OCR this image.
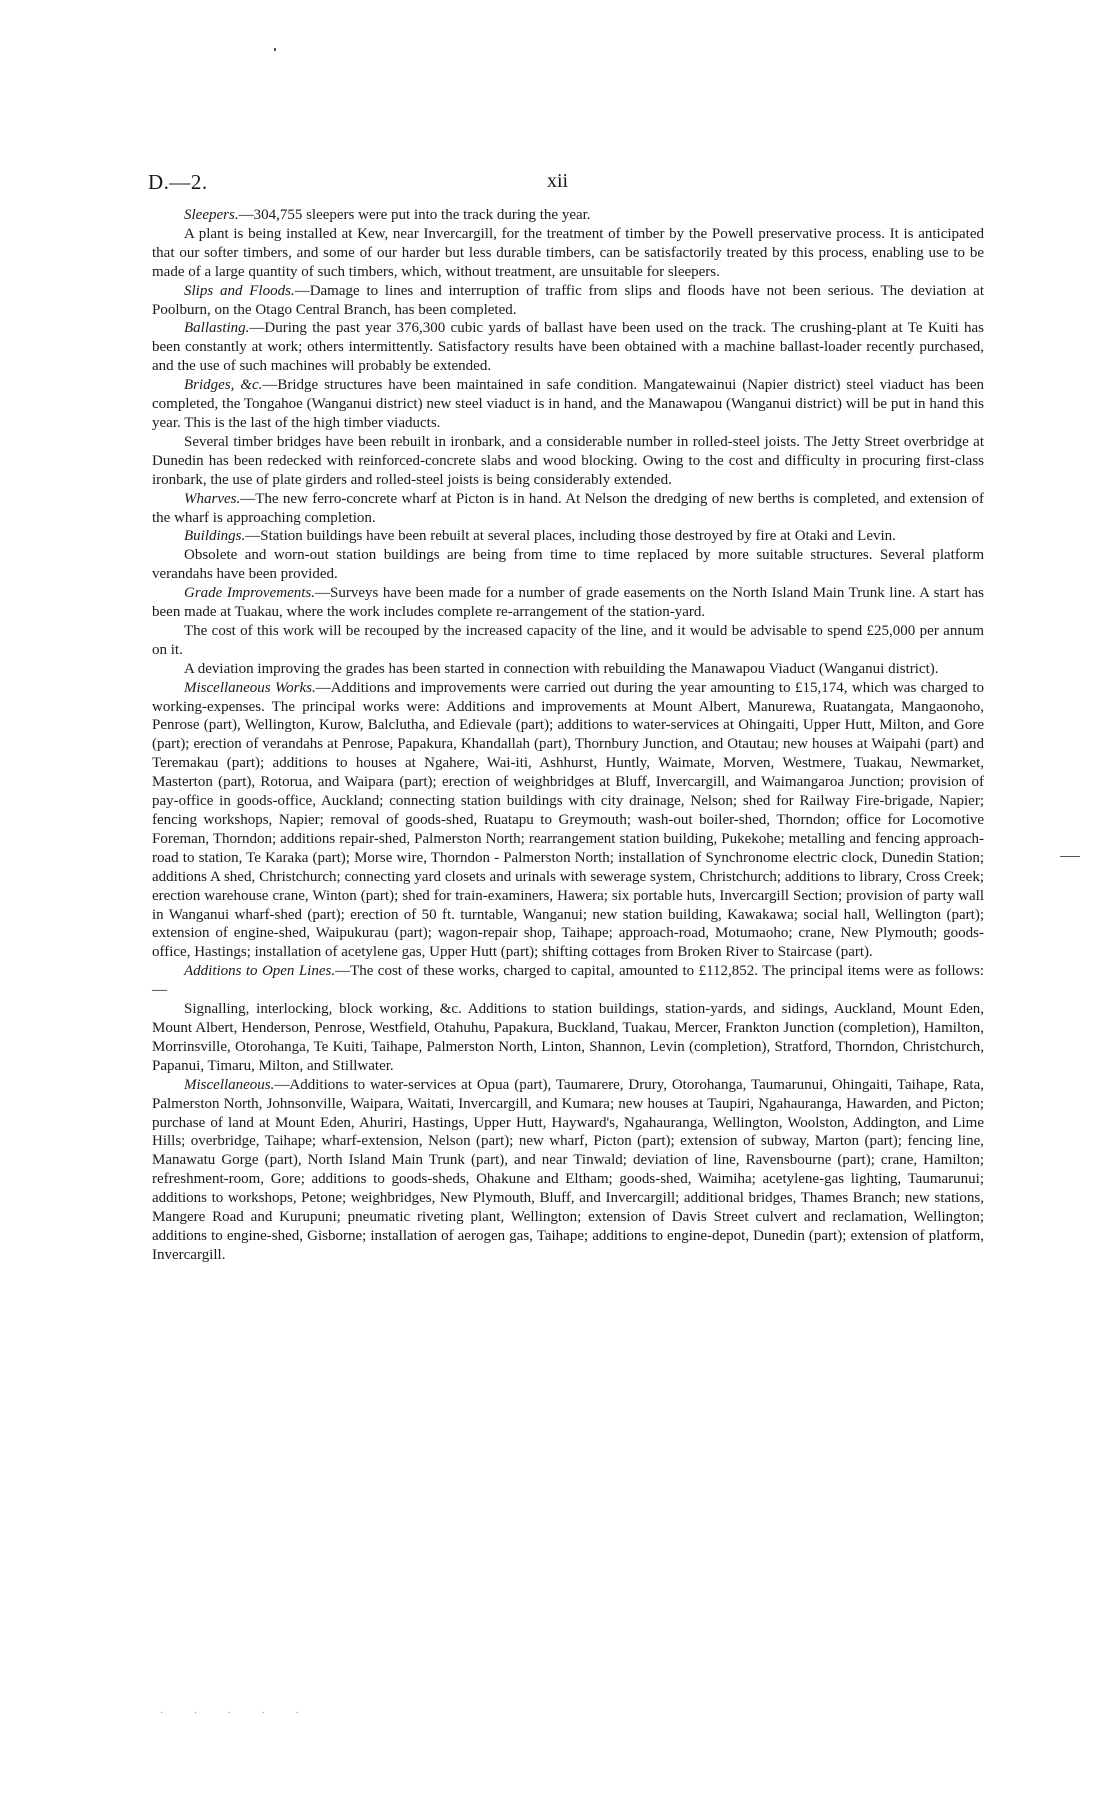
D.—2.	xii

Sleepers.—304,755 sleepers were put into the track during the year.

A plant is being installed at Kew, near Invercargill, for the treatment of timber by the Powell preservative process. It is anticipated that our softer timbers, and some of our harder but less durable timbers, can be satisfactorily treated by this process, enabling use to be made of a large quantity of such timbers, which, without treatment, are unsuitable for sleepers.

Slips and Floods.—Damage to lines and interruption of traffic from slips and floods have not been serious. The deviation at Poolburn, on the Otago Central Branch, has been completed.

Ballasting.—During the past year 376,300 cubic yards of ballast have been used on the track. The crushing-plant at Te Kuiti has been constantly at work; others intermittently. Satisfactory results have been obtained with a machine ballast-loader recently purchased, and the use of such machines will probably be extended.

Bridges, &c.—Bridge structures have been maintained in safe condition. Mangatewainui (Napier district) steel viaduct has been completed, the Tongahoe (Wanganui district) new steel viaduct is in hand, and the Manawapou (Wanganui district) will be put in hand this year. This is the last of the high timber viaducts.

Several timber bridges have been rebuilt in ironbark, and a considerable number in rolled-steel joists. The Jetty Street overbridge at Dunedin has been redecked with reinforced-concrete slabs and wood blocking. Owing to the cost and difficulty in procuring first-class ironbark, the use of plate girders and rolled-steel joists is being considerably extended.

Wharves.—The new ferro-concrete wharf at Picton is in hand. At Nelson the dredging of new berths is completed, and extension of the wharf is approaching completion.

Buildings.—Station buildings have been rebuilt at several places, including those destroyed by fire at Otaki and Levin.

Obsolete and worn-out station buildings are being from time to time replaced by more suitable structures. Several platform verandahs have been provided.

Grade Improvements.—Surveys have been made for a number of grade easements on the North Island Main Trunk line. A start has been made at Tuakau, where the work includes complete re-arrangement of the station-yard.

The cost of this work will be recouped by the increased capacity of the line, and it would be advisable to spend £25,000 per annum on it.

A deviation improving the grades has been started in connection with rebuilding the Manawapou Viaduct (Wanganui district).

Miscellaneous Works.—Additions and improvements were carried out during the year amounting to £15,174, which was charged to working-expenses. The principal works were: Additions and improvements at Mount Albert, Manurewa, Ruatangata, Mangaonoho, Penrose (part), Wellington, Kurow, Balclutha, and Edievale (part); additions to water-services at Ohingaiti, Upper Hutt, Milton, and Gore (part); erection of verandahs at Penrose, Papakura, Khandallah (part), Thornbury Junction, and Otautau; new houses at Waipahi (part) and Teremakau (part); additions to houses at Ngahere, Wai-iti, Ashhurst, Huntly, Waimate, Morven, Westmere, Tuakau, Newmarket, Masterton (part), Rotorua, and Waipara (part); erection of weighbridges at Bluff, Invercargill, and Waimangaroa Junction; provision of pay-office in goods-office, Auckland; connecting station buildings with city drainage, Nelson; shed for Railway Fire-brigade, Napier; fencing workshops, Napier; removal of goods-shed, Ruatapu to Greymouth; wash-out boiler-shed, Thorndon; office for Locomotive Foreman, Thorndon; additions repair-shed, Palmerston North; rearrangement station building, Pukekohe; metalling and fencing approach-road to station, Te Karaka (part); Morse wire, Thorndon - Palmerston North; installation of Synchronome electric clock, Dunedin Station; additions A shed, Christchurch; connecting yard closets and urinals with sewerage system, Christchurch; additions to library, Cross Creek; erection warehouse crane, Winton (part); shed for train-examiners, Hawera; six portable huts, Invercargill Section; provision of party wall in Wanganui wharf-shed (part); erection of 50 ft. turntable, Wanganui; new station building, Kawakawa; social hall, Wellington (part); extension of engine-shed, Waipukurau (part); wagon-repair shop, Taihape; approach-road, Motumaoho; crane, New Plymouth; goods-office, Hastings; installation of acetylene gas, Upper Hutt (part); shifting cottages from Broken River to Staircase (part).

Additions to Open Lines.—The cost of these works, charged to capital, amounted to £112,852. The principal items were as follows:—

Signalling, interlocking, block working, &c. Additions to station buildings, station-yards, and sidings, Auckland, Mount Eden, Mount Albert, Henderson, Penrose, Westfield, Otahuhu, Papakura, Buckland, Tuakau, Mercer, Frankton Junction (completion), Hamilton, Morrinsville, Otorohanga, Te Kuiti, Taihape, Palmerston North, Linton, Shannon, Levin (completion), Stratford, Thorndon, Christchurch, Papanui, Timaru, Milton, and Stillwater.

Miscellaneous.—Additions to water-services at Opua (part), Taumarere, Drury, Otorohanga, Taumarunui, Ohingaiti, Taihape, Rata, Palmerston North, Johnsonville, Waipara, Waitati, Invercargill, and Kumara; new houses at Taupiri, Ngahauranga, Hawarden, and Picton; purchase of land at Mount Eden, Ahuriri, Hastings, Upper Hutt, Hayward's, Ngahauranga, Wellington, Woolston, Addington, and Lime Hills; overbridge, Taihape; wharf-extension, Nelson (part); new wharf, Picton (part); extension of subway, Marton (part); fencing line, Manawatu Gorge (part), North Island Main Trunk (part), and near Tinwald; deviation of line, Ravensbourne (part); crane, Hamilton; refreshment-room, Gore; additions to goods-sheds, Ohakune and Eltham; goods-shed, Waimiha; acetylene-gas lighting, Taumarunui; additions to workshops, Petone; weighbridges, New Plymouth, Bluff, and Invercargill; additional bridges, Thames Branch; new stations, Mangere Road and Kurupuni; pneumatic riveting plant, Wellington; extension of Davis Street culvert and reclamation, Wellington; additions to engine-shed, Gisborne; installation of aerogen gas, Taihape; additions to engine-depot, Dunedin (part); extension of platform, Invercargill.

· · · · ·
